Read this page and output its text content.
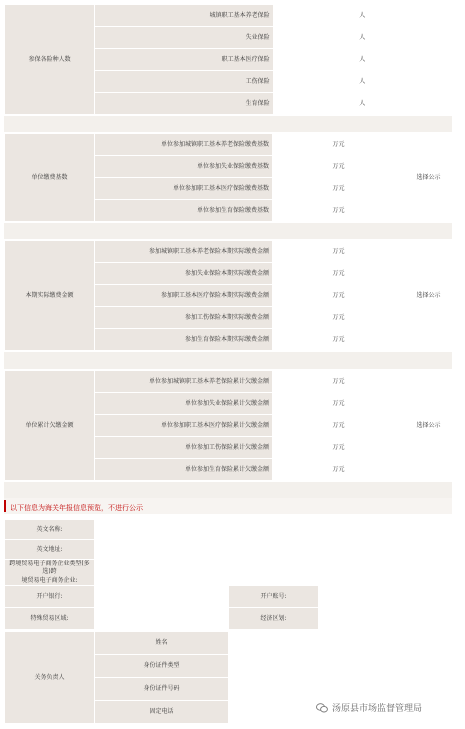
参保各险种人数	城镇职工基本养老保险	人
	失业保险	人
	职工基本医疗保险	人
	工伤保险	人
	生育保险	人
单位缴费基数	单位参加城镇职工基本养老保险缴费基数	万元	选择公示
	单位参加失业保险缴费基数	万元	
	单位参加职工基本医疗保险缴费基数	万元	
	单位参加生育保险缴费基数	万元	
本期实际缴费金额	参加城镇职工基本养老保险本期实际缴费金额	万元	选择公示
	参加失业保险本期实际缴费金额	万元	
	参加职工基本医疗保险本期实际缴费金额	万元	
	参加工伤保险本期实际缴费金额	万元	
	参加生育保险本期实际缴费金额	万元	
单位累计欠缴金额	单位参加城镇职工基本养老保险累计欠缴金额	万元	选择公示
	单位参加失业保险累计欠缴金额	万元	
	单位参加职工基本医疗保险累计欠缴金额	万元	
	单位参加工伤保险累计欠缴金额	万元	
	单位参加生育保险累计欠缴金额	万元	
以下信息为海关年报信息预览，不进行公示
英文名称:			
英文地址:			
跨境贸易电子商务企业类型(多选)跨
境贸易电子商务企业:			
开户银行:		开户账号:	
特殊贸易区域:		经济区划:	
关务负责人	姓名	
	身份证件类型	
	身份证件号码	
	固定电话		汤原县市场监督管理局
